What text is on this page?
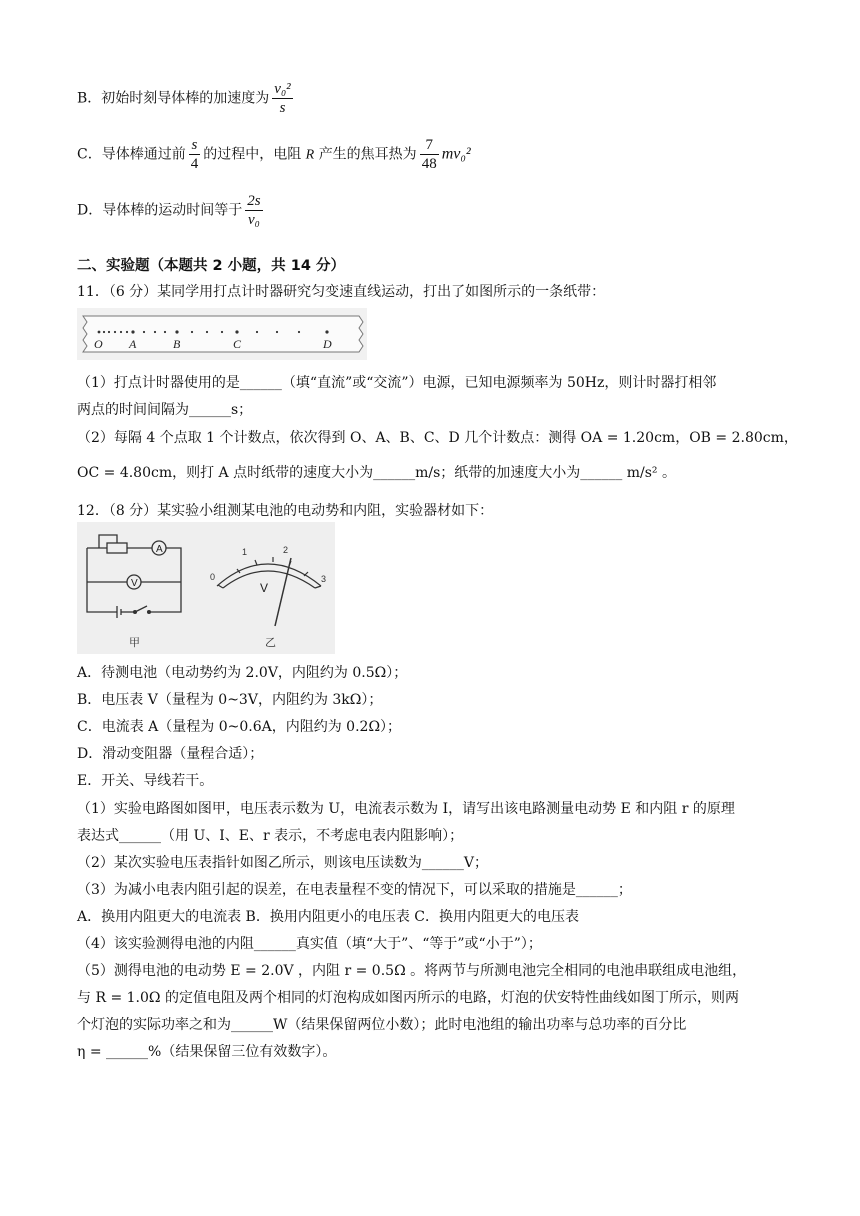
B．初始时刻导体棒的加速度为 $\frac{\text{v₀²}}{s}$
C．导体棒通过前 $\frac{s}{4}$ 的过程中，电阻 R 产生的焦耳热为 $\frac{7}{48} mv_0^2$
D．导体棒的运动时间等于 $\frac{2s}{\text{v₀}}$
二、实验题（本题共 2 小题，共 14 分）
11．（6 分）某同学用打点计时器研究匀变速直线运动，打出了如图所示的一条纸带：
O A	B	C	D
（1）打点计时器使用的是______（填“直流”或“交流”）电源，已知电源频率为 50Hz，则计时器打相邻
两点的时间间隔为______s；
（2）每隔 4 个点取 1 个计数点，依次得到 O、A、B、C、D 几个计数点：测得 OA = 1.20cm，OB = 2.80cm，
OC = 4.80cm，则打 A 点时纸带的速度大小为______m/s；纸带的加速度大小为______ m/s² 。
12．（8 分）某实验小组测某电池的电动势和内阻，实验器材如下：
A
V
甲
0
1	2
3
V
乙
A．待测电池（电动势约为 2.0V，内阻约为 0.5Ω）；
B．电压表 V（量程为 0~3V，内阻约为 3kΩ）；
C．电流表 A（量程为 0~0.6A，内阻约为 0.2Ω）；
D．滑动变阻器（量程合适）；
E．开关、导线若干。
（1）实验电路图如图甲，电压表示数为 U，电流表示数为 I，请写出该电路测量电动势 E 和内阻 r 的原理
表达式______（用 U、I、E、r 表示，不考虑电表内阻影响）；
（2）某次实验电压表指针如图乙所示，则该电压读数为______V；
（3）为减小电表内阻引起的误差，在电表量程不变的情况下，可以采取的措施是______；
A．换用内阻更大的电流表 B．换用内阻更小的电压表 C．换用内阻更大的电压表
（4）该实验测得电池的内阻______真实值（填“大于”、“等于”或“小于”）；
（5）测得电池的电动势 E = 2.0V ，内阻 r = 0.5Ω 。将两节与所测电池完全相同的电池串联组成电池组，
与 R = 1.0Ω 的定值电阻及两个相同的灯泡构成如图丙所示的电路，灯泡的伏安特性曲线如图丁所示，则两
个灯泡的实际功率之和为______W（结果保留两位小数）；此时电池组的输出功率与总功率的百分比
η = ______%（结果保留三位有效数字）。
